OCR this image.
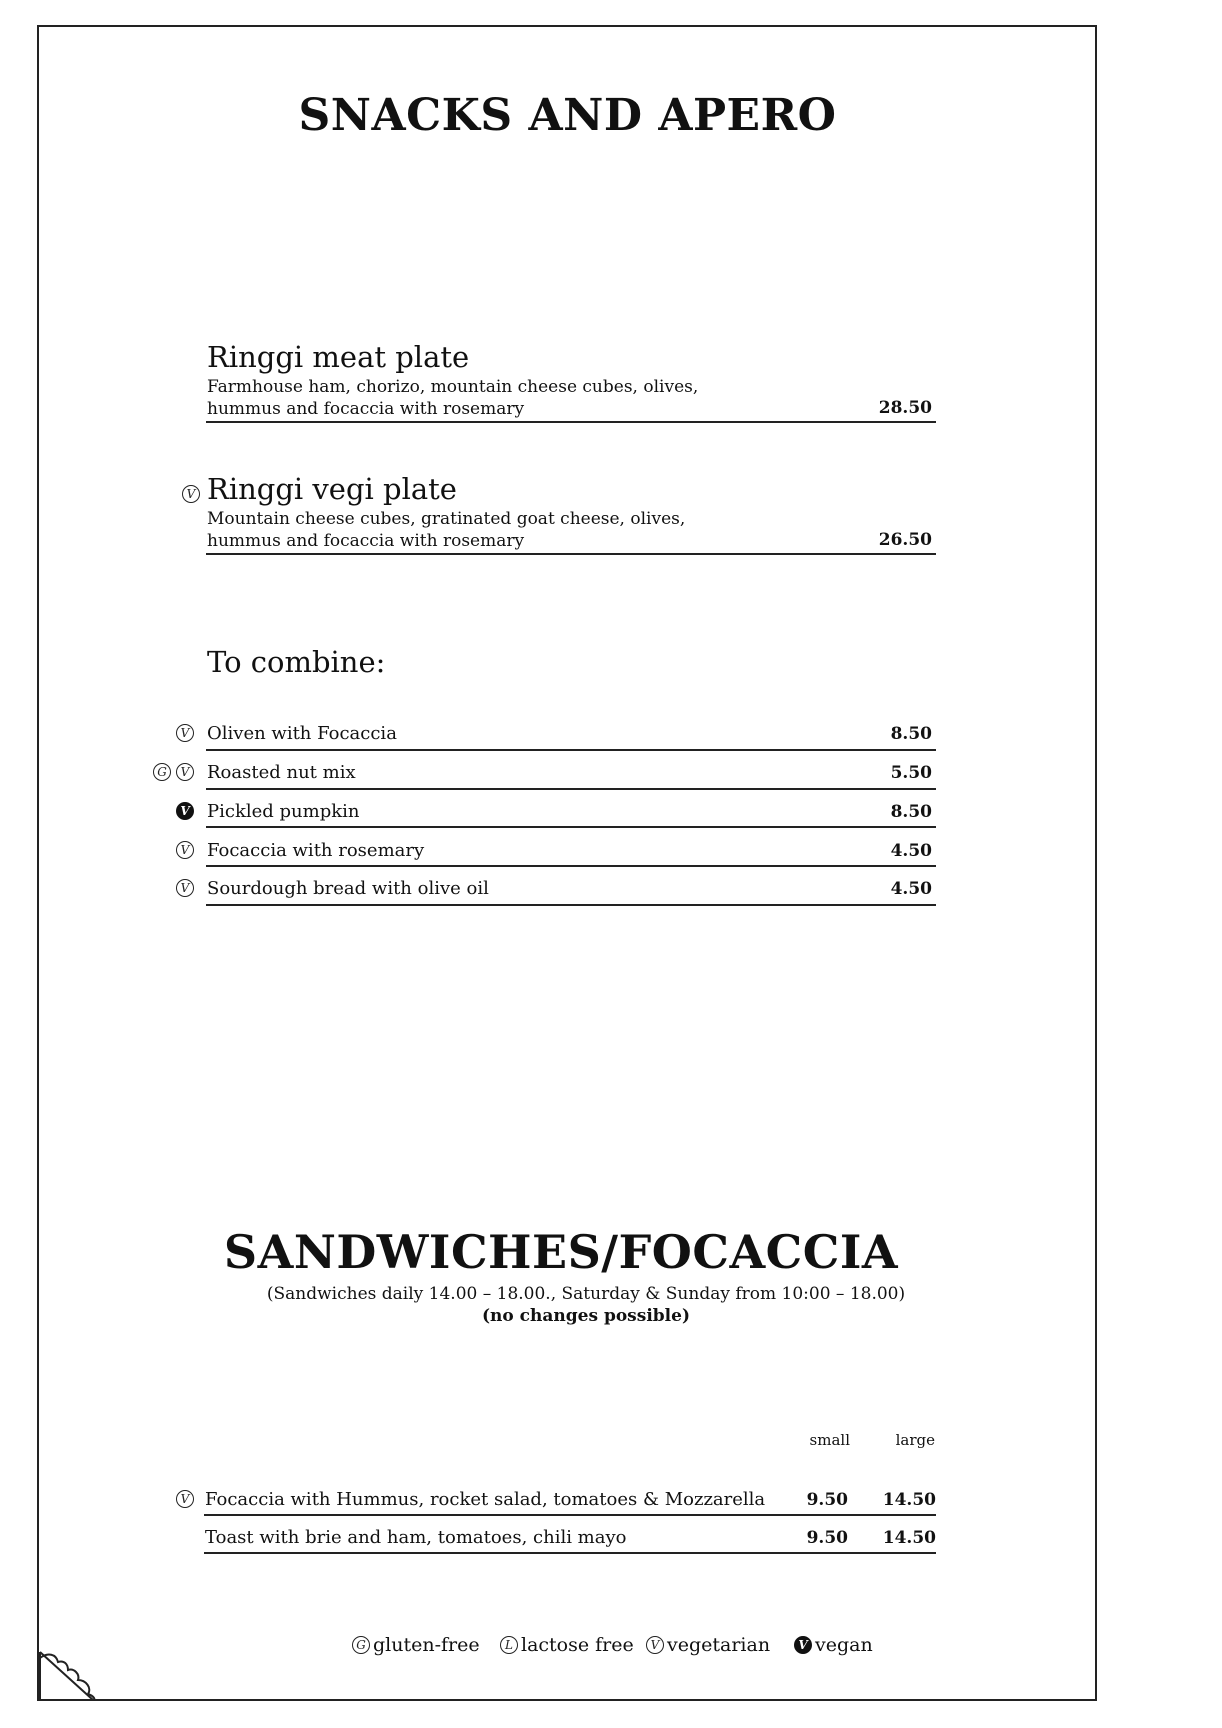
SNACKS AND APERO
Ringgi meat plate
Farmhouse ham, chorizo, mountain cheese cubes, olives,
hummus and focaccia with rosemary	28.50
V Ringgi vegi plate
Mountain cheese cubes, gratinated goat cheese, olives,
hummus and focaccia with rosemary	26.50
To combine:
V Oliven with Focaccia	8.50
G	V Roasted nut mix	5.50
V Pickled pumpkin	8.50
V Focaccia with rosemary	4.50
V Sourdough bread with olive oil	4.50
SANDWICHES/FOCACCIA
(Sandwiches daily 14.00 – 18.00., Saturday & Sunday from 10:00 – 18.00)
(no changes possible)
small	large
V Focaccia with Hummus, rocket salad, tomatoes & Mozzarella	9.50	14.50
Toast with brie and ham, tomatoes, chili mayo	9.50	14.50
G gluten-free	L lactose free	V vegetarian	V vegan
